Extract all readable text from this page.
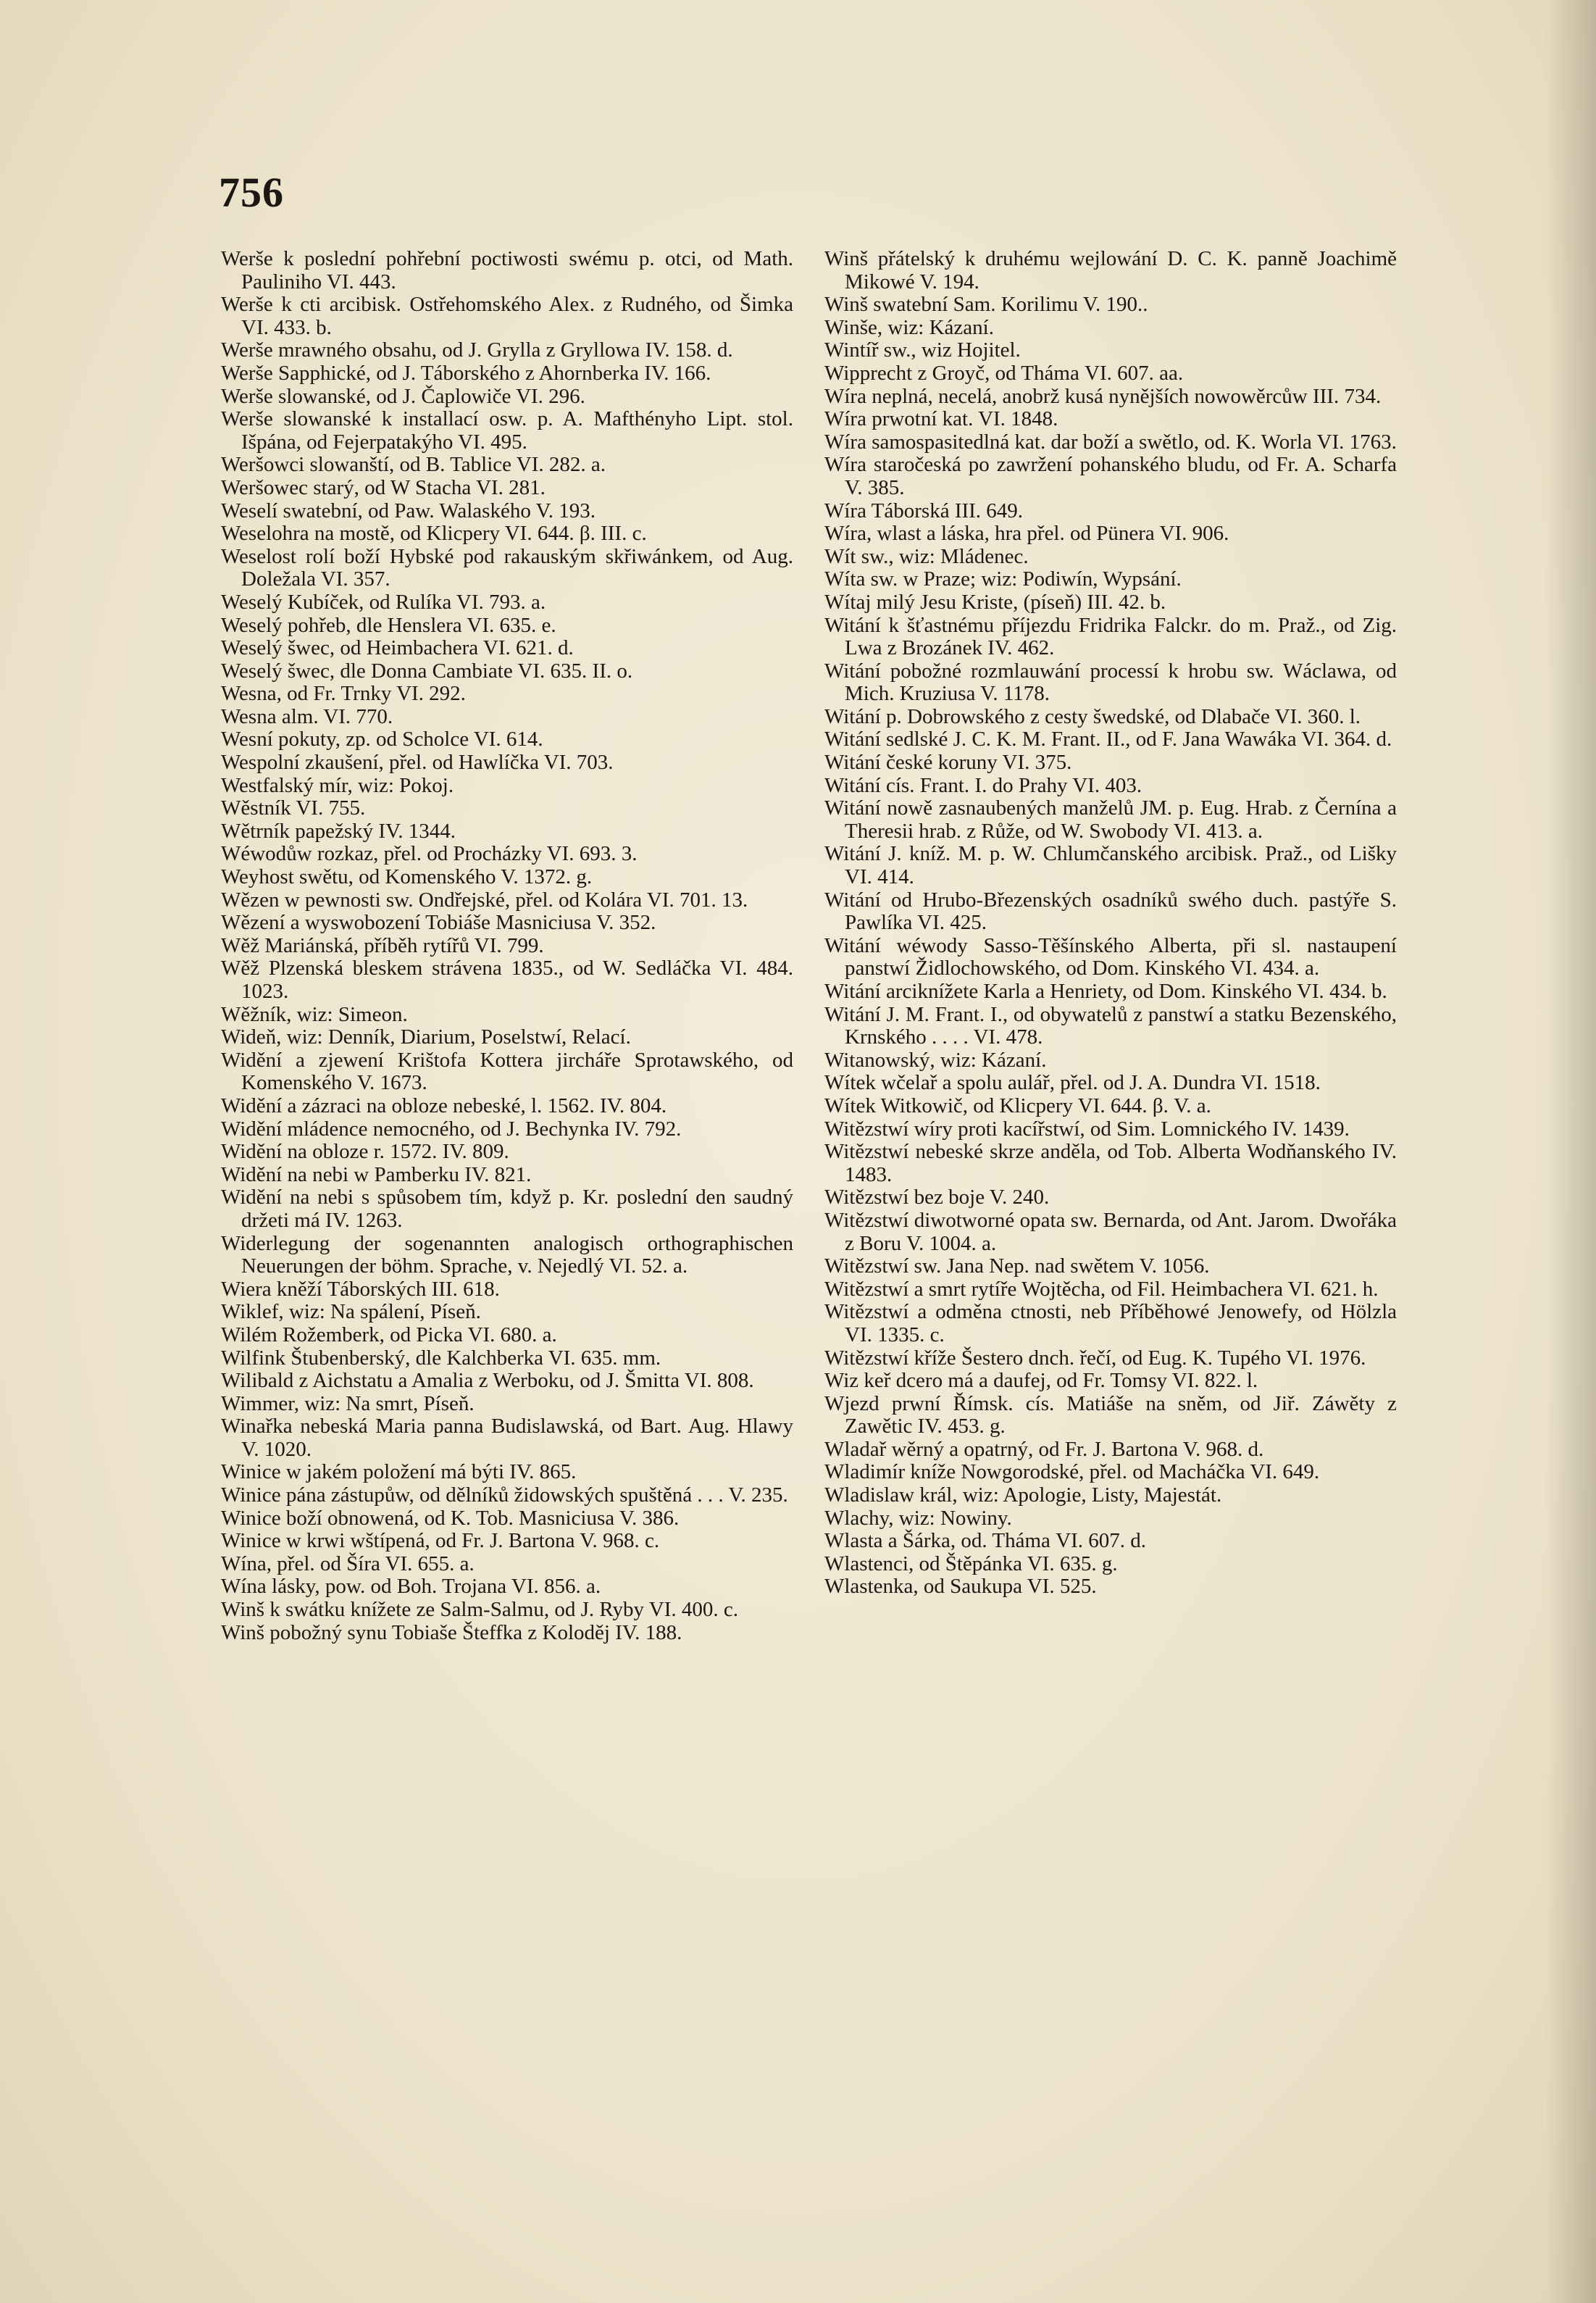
756
Werše k poslední pohřební poctiwosti swému p. otci, od Math. Pauliniho VI. 443.
Werše k cti arcibisk. Ostřehomského Alex. z Rudného, od Šimka VI. 433. b.
Werše mrawného obsahu, od J. Grylla z Gryllowa IV. 158. d.
Werše Sapphické, od J. Táborského z Ahornberka IV. 166.
Werše slowanské, od J. Čaplowiče VI. 296.
Werše slowanské k installací osw. p. A. Mafthényho Lipt. stol. Išpána, od Fejerpatakýho VI. 495.
Weršowci slowanští, od B. Tablice VI. 282. a.
Weršowec starý, od W Stacha VI. 281.
Weselí swatební, od Paw. Walaského V. 193.
Weselohra na mostě, od Klicpery VI. 644. β. III. c.
Weselost rolí boží Hybské pod rakauským skřiwánkem, od Aug. Doležala VI. 357.
Weselý Kubíček, od Rulíka VI. 793. a.
Weselý pohřeb, dle Henslera VI. 635. e.
Weselý šwec, od Heimbachera VI. 621. d.
Weselý šwec, dle Donna Cambiate VI. 635. II. o.
Wesna, od Fr. Trnky VI. 292.
Wesna alm. VI. 770.
Wesní pokuty, zp. od Scholce VI. 614.
Wespolní zkaušení, přel. od Hawlíčka VI. 703.
Westfalský mír, wiz: Pokoj.
Wěstník VI. 755.
Wětrník papežský IV. 1344.
Wéwodůw rozkaz, přel. od Procházky VI. 693. 3.
Weyhost swětu, od Komenského V. 1372. g.
Wězen w pewnosti sw. Ondřejské, přel. od Kolára VI. 701. 13.
Wězení a wyswobození Tobiáše Masniciusa V. 352.
Wěž Mariánská, příběh rytířů VI. 799.
Wěž Plzenská bleskem strávena 1835., od W. Sedláčka VI. 484. 1023.
Wěžník, wiz: Simeon.
Wideň, wiz: Denník, Diarium, Poselstwí, Relací.
Widění a zjewení Krištofa Kottera jircháře Sprotawského, od Komenského V. 1673.
Widění a zázraci na obloze nebeské, l. 1562. IV. 804.
Widění mládence nemocného, od J. Bechynka IV. 792.
Widění na obloze r. 1572. IV. 809.
Widění na nebi w Pamberku IV. 821.
Widění na nebi s spůsobem tím, když p. Kr. poslední den saudný držeti má IV. 1263.
Widerlegung der sogenannten analogisch orthographischen Neuerungen der böhm. Sprache, v. Nejedlý VI. 52. a.
Wiera kněží Táborských III. 618.
Wiklef, wiz: Na spálení, Píseň.
Wilém Rožemberk, od Picka VI. 680. a.
Wilfink Štubenberský, dle Kalchberka VI. 635. mm.
Wilibald z Aichstatu a Amalia z Werboku, od J. Šmitta VI. 808.
Wimmer, wiz: Na smrt, Píseň.
Winařka nebeská Maria panna Budislawská, od Bart. Aug. Hlawy V. 1020.
Winice w jakém položení má býti IV. 865.
Winice pána zástupůw, od dělníků židowských spuštěná . . . V. 235.
Winice boží obnowená, od K. Tob. Masniciusa V. 386.
Winice w krwi wštípená, od Fr. J. Bartona V. 968. c.
Wína, přel. od Šíra VI. 655. a.
Wína lásky, pow. od Boh. Trojana VI. 856. a.
Winš k swátku knížete ze Salm-Salmu, od J. Ryby VI. 400. c.
Winš pobožný synu Tobiaše Šteffka z Koloděj IV. 188.
Winš přátelský k druhému wejlowání D. C. K. panně Joachimě Mikowé V. 194.
Winš swatební Sam. Korilimu V. 190..
Winše, wiz: Kázaní.
Wintíř sw., wiz Hojitel.
Wipprecht z Groyč, od Thámа VI. 607. aa.
Wíra neplná, necelá, anobrž kusá nynějších nowowěrcůw III. 734.
Wíra prwotní kat. VI. 1848.
Wíra samospasitedlná kat. dar boží a swětlo, od. K. Worla VI. 1763.
Wíra staročeská po zawržení pohanského bludu, od Fr. A. Scharfa V. 385.
Wíra Táborská III. 649.
Wíra, wlast a láska, hra přel. od Pünera VI. 906.
Wít sw., wiz: Mládenec.
Wíta sw. w Praze; wiz: Podiwín, Wypsání.
Wítaj milý Jesu Kriste, (píseň) III. 42. b.
Witání k šťastnému příjezdu Fridrika Falckr. do m. Praž., od Zig. Lwa z Brozánek IV. 462.
Witání pobožné rozmlauwání processí k hrobu sw. Wáclawa, od Mich. Kruziusa V. 1178.
Witání p. Dobrowského z cesty šwedské, od Dlabače VI. 360. l.
Witání sedlské J. C. K. M. Frant. II., od F. Jana Wawáka VI. 364. d.
Witání české koruny VI. 375.
Witání cís. Frant. I. do Prahy VI. 403.
Witání nowě zasnaubených manželů JM. p. Eug. Hrab. z Černína a Theresii hrab. z Růže, od W. Swobody VI. 413. a.
Witání J. kníž. M. p. W. Chlumčanského arcibisk. Praž., od Lišky VI. 414.
Witání od Hrubo-Březenských osadníků swého duch. pastýře S. Pawlíka VI. 425.
Witání wéwody Sasso-Těšínského Alberta, při sl. nastaupení panstwí Židlochowského, od Dom. Kinského VI. 434. a.
Witání arciknížete Karla a Henriety, od Dom. Kinského VI. 434. b.
Witání J. M. Frant. I., od obywatelů z panstwí a statku Bezenského, Krnského . . . . VI. 478.
Witanowský, wiz: Kázaní.
Wítek wčelař a spolu aulář, přel. od J. A. Dundra VI. 1518.
Wítek Witkowič, od Klicpery VI. 644. β. V. a.
Witězstwí wíry proti kacířstwí, od Sim. Lomnického IV. 1439.
Witězstwí nebeské skrze anděla, od Tob. Alberta Wodňanského IV. 1483.
Witězstwí bez boje V. 240.
Witězstwí diwotworné opata sw. Bernarda, od Ant. Jarom. Dwořáka z Boru V. 1004. a.
Witězstwí sw. Jana Nep. nad swětem V. 1056.
Witězstwí a smrt rytíře Wojtěcha, od Fil. Heimbachera VI. 621. h.
Witězstwí a odměna ctnosti, neb Příběhowé Jenowefy, od Hölzla VI. 1335. c.
Witězstwí kříže Šestero dnch. řečí, od Eug. K. Tupého VI. 1976.
Wiz keř dcero má a daufej, od Fr. Tomsy VI. 822. l.
Wjezd prwní Římsk. cís. Matiáše na sněm, od Jiř. Záwěty z Zawětic IV. 453. g.
Wladař wěrný a opatrný, od Fr. J. Bartona V. 968. d.
Wladimír kníže Nowgorodské, přel. od Macháčka VI. 649.
Wladislaw král, wiz: Apologie, Listy, Majestát.
Wlachy, wiz: Nowiny.
Wlasta a Šárka, od. Thámа VI. 607. d.
Wlastenci, od Štěpánka VI. 635. g.
Wlastenka, od Saukupa VI. 525.
